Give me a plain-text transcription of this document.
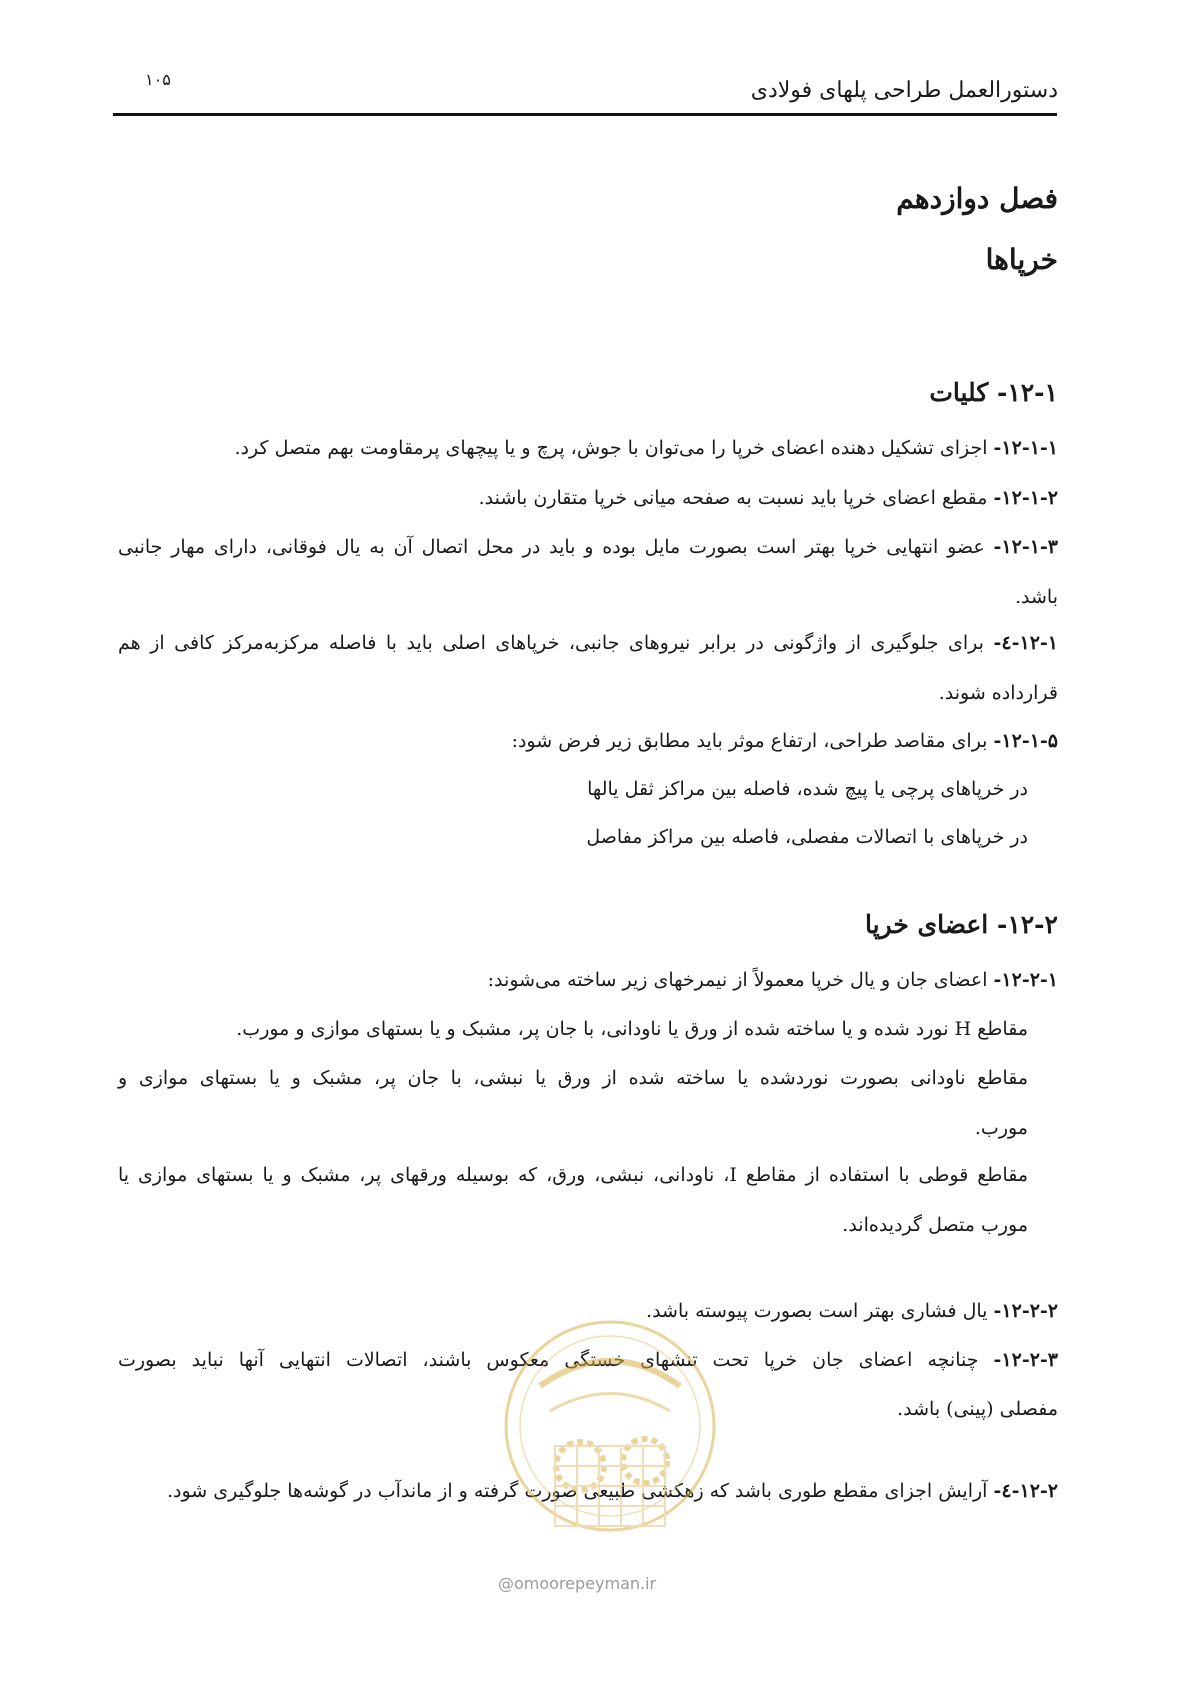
دستورالعمل طراحی پلهای فولادی
۱۰۵
فصل دوازدهم
خرپاها
۱۲-۱- کلیات
۱۲-۱-۱- اجزای تشکیل دهنده اعضای خرپا را می‌توان با جوش، پرچ و یا پیچهای پرمقاومت بهم متصل کرد.
۱۲-۱-۲- مقطع اعضای خرپا باید نسبت به صفحه میانی خرپا متقارن باشند.
۱۲-۱-۳- عضو انتهایی خرپا بهتر است بصورت مایل بوده و باید در محل اتصال آن به یال فوقانی، دارای مهار جانبی
باشد.
۱۲-۱-٤- برای جلوگیری از واژگونی در برابر نیروهای جانبی، خرپاهای اصلی باید با فاصله مرکزبه‌مرکز کافی از هم
قرارداده شوند.
۱۲-۱-۵- برای مقاصد طراحی، ارتفاع موثر باید مطابق زیر فرض شود:
در خرپاهای پرچی یا پیچ شده، فاصله بین مراکز ثقل یالها
در خرپاهای با اتصالات مفصلی، فاصله بین مراکز مفاصل
۱۲-۲- اعضای خرپا
۱۲-۲-۱- اعضای جان و یال خرپا معمولاً از نیمرخهای زیر ساخته می‌شوند:
مقاطع H نورد شده و یا ساخته شده از ورق یا ناودانی، با جان پر، مشبک و یا بستهای موازی و مورب.
مقاطع ناودانی بصورت نوردشده یا ساخته شده از ورق یا نبشی، با جان پر، مشبک و یا بستهای موازی و
مورب.
مقاطع قوطی با استفاده از مقاطع I، ناودانی، نبشی، ورق، که بوسیله ورقهای پر، مشبک و یا بستهای موازی یا
مورب متصل گردیده‌اند.
۱۲-۲-۲- یال فشاری بهتر است بصورت پیوسته باشد.
۱۲-۲-۳- چنانچه اعضای جان خرپا تحت تنشهای خستگی معکوس باشند، اتصالات انتهایی آنها نباید بصورت
مفصلی (پینی) باشد.
۱۲-۲-٤- آرایش اجزای مقطع طوری باشد که زهکشی طبیعی صورت گرفته و از ماندآب در گوشه‌ها جلوگیری شود.
@omoorepeyman.ir
